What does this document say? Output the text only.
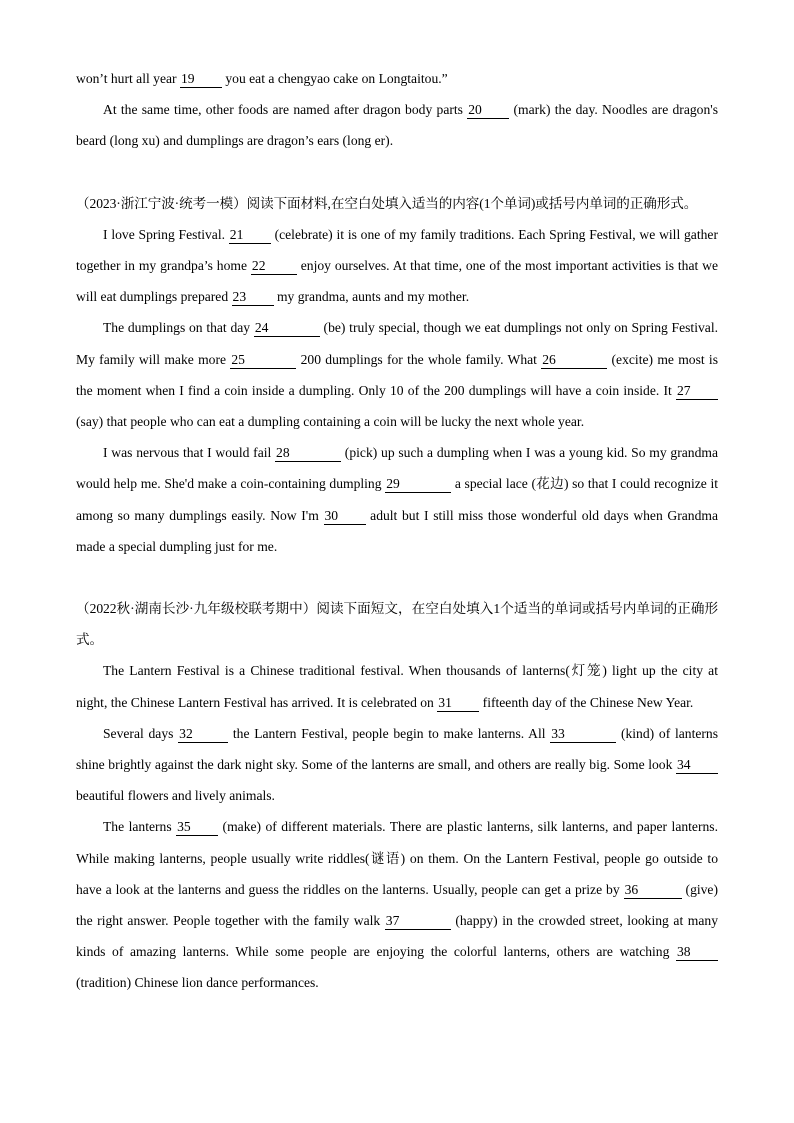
won’t hurt all year 19 you eat a chengyao cake on Longtaitou.”

At the same time, other foods are named after dragon body parts 20 (mark) the day. Noodles are dragon's beard (long xu) and dumplings are dragon’s ears (long er).

（2023·浙江宁波·统考一模）阅读下面材料,在空白处填入适当的内容(1个单词)或括号内单词的正确形式。

I love Spring Festival. 21 (celebrate) it is one of my family traditions. Each Spring Festival, we will gather together in my grandpa’s home 22 enjoy ourselves. At that time, one of the most important activities is that we will eat dumplings prepared 23 my grandma, aunts and my mother.

The dumplings on that day 24	(be) truly special, though we eat dumplings not only on Spring Festival. My family will make more 25	200 dumplings for the whole family. What 26	(excite) me most is the moment when I find a coin inside a dumpling. Only 10 of the 200 dumplings will have a coin inside. It 27 (say) that people who can eat a dumpling containing a coin will be lucky the next whole year.

I was nervous that I would fail 28	(pick) up such a dumpling when I was a young kid. So my grandma would help me. She'd make a coin-containing dumpling 29	a special lace (花边) so that I could recognize it among so many dumplings easily. Now I'm 30 adult but I still miss those wonderful old days when Grandma made a special dumpling just for me.

（2022秋·湖南长沙·九年级校联考期中）阅读下面短文，在空白处填入1个适当的单词或括号内单词的正确形式。

The Lantern Festival is a Chinese traditional festival. When thousands of lanterns(灯笼) light up the city at night, the Chinese Lantern Festival has arrived. It is celebrated on 31 fifteenth day of the Chinese New Year.

Several days 32	the Lantern Festival, people begin to make lanterns. All 33	(kind) of lanterns shine brightly against the dark night sky. Some of the lanterns are small, and others are really big. Some look 34 beautiful flowers and lively animals.

The lanterns 35 (make) of different materials. There are plastic lanterns, silk lanterns, and paper lanterns. While making lanterns, people usually write riddles(谜语) on them. On the Lantern Festival, people go outside to have a look at the lanterns and guess the riddles on the lanterns. Usually, people can get a prize by 36	(give) the right answer. People together with the family walk 37	(happy) in the crowded street, looking at many kinds of amazing lanterns. While some people are enjoying the colorful lanterns, others are watching 38 (tradition) Chinese lion dance performances.
